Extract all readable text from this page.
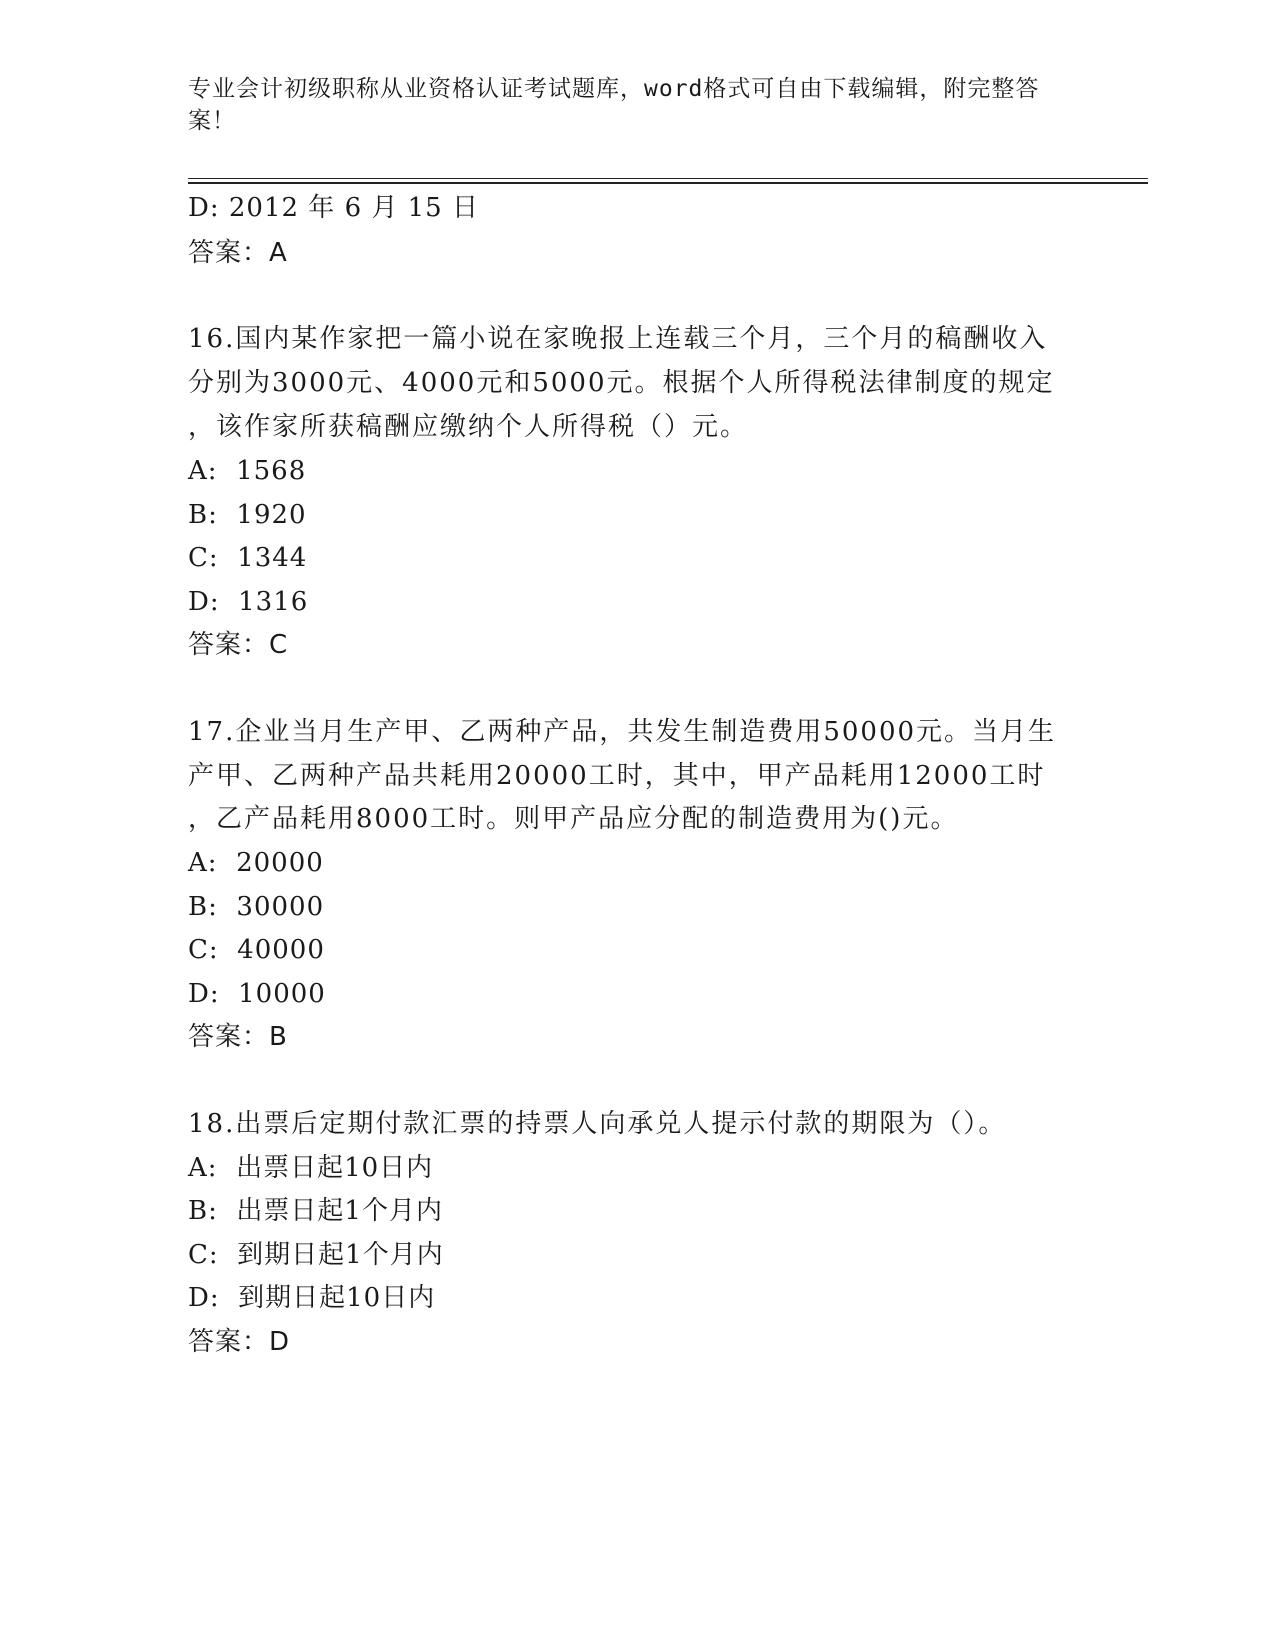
专业会计初级职称从业资格认证考试题库，word格式可自由下载编辑，附完整答
案！
D: 2012 年 6 月 15 日
答案：A
16.国内某作家把一篇小说在家晚报上连载三个月，三个月的稿酬收入
分别为3000元、4000元和5000元。根据个人所得税法律制度的规定
，该作家所获稿酬应缴纳个人所得税（）元。
A:  1568
B:  1920
C:  1344
D:  1316
答案：C
17.企业当月生产甲、乙两种产品，共发生制造费用50000元。当月生
产甲、乙两种产品共耗用20000工时，其中，甲产品耗用12000工时
，乙产品耗用8000工时。则甲产品应分配的制造费用为()元。
A:  20000
B:  30000
C:  40000
D:  10000
答案：B
18.出票后定期付款汇票的持票人向承兑人提示付款的期限为（）。
A:  出票日起10日内
B:  出票日起1个月内
C:  到期日起1个月内
D:  到期日起10日内
答案：D
